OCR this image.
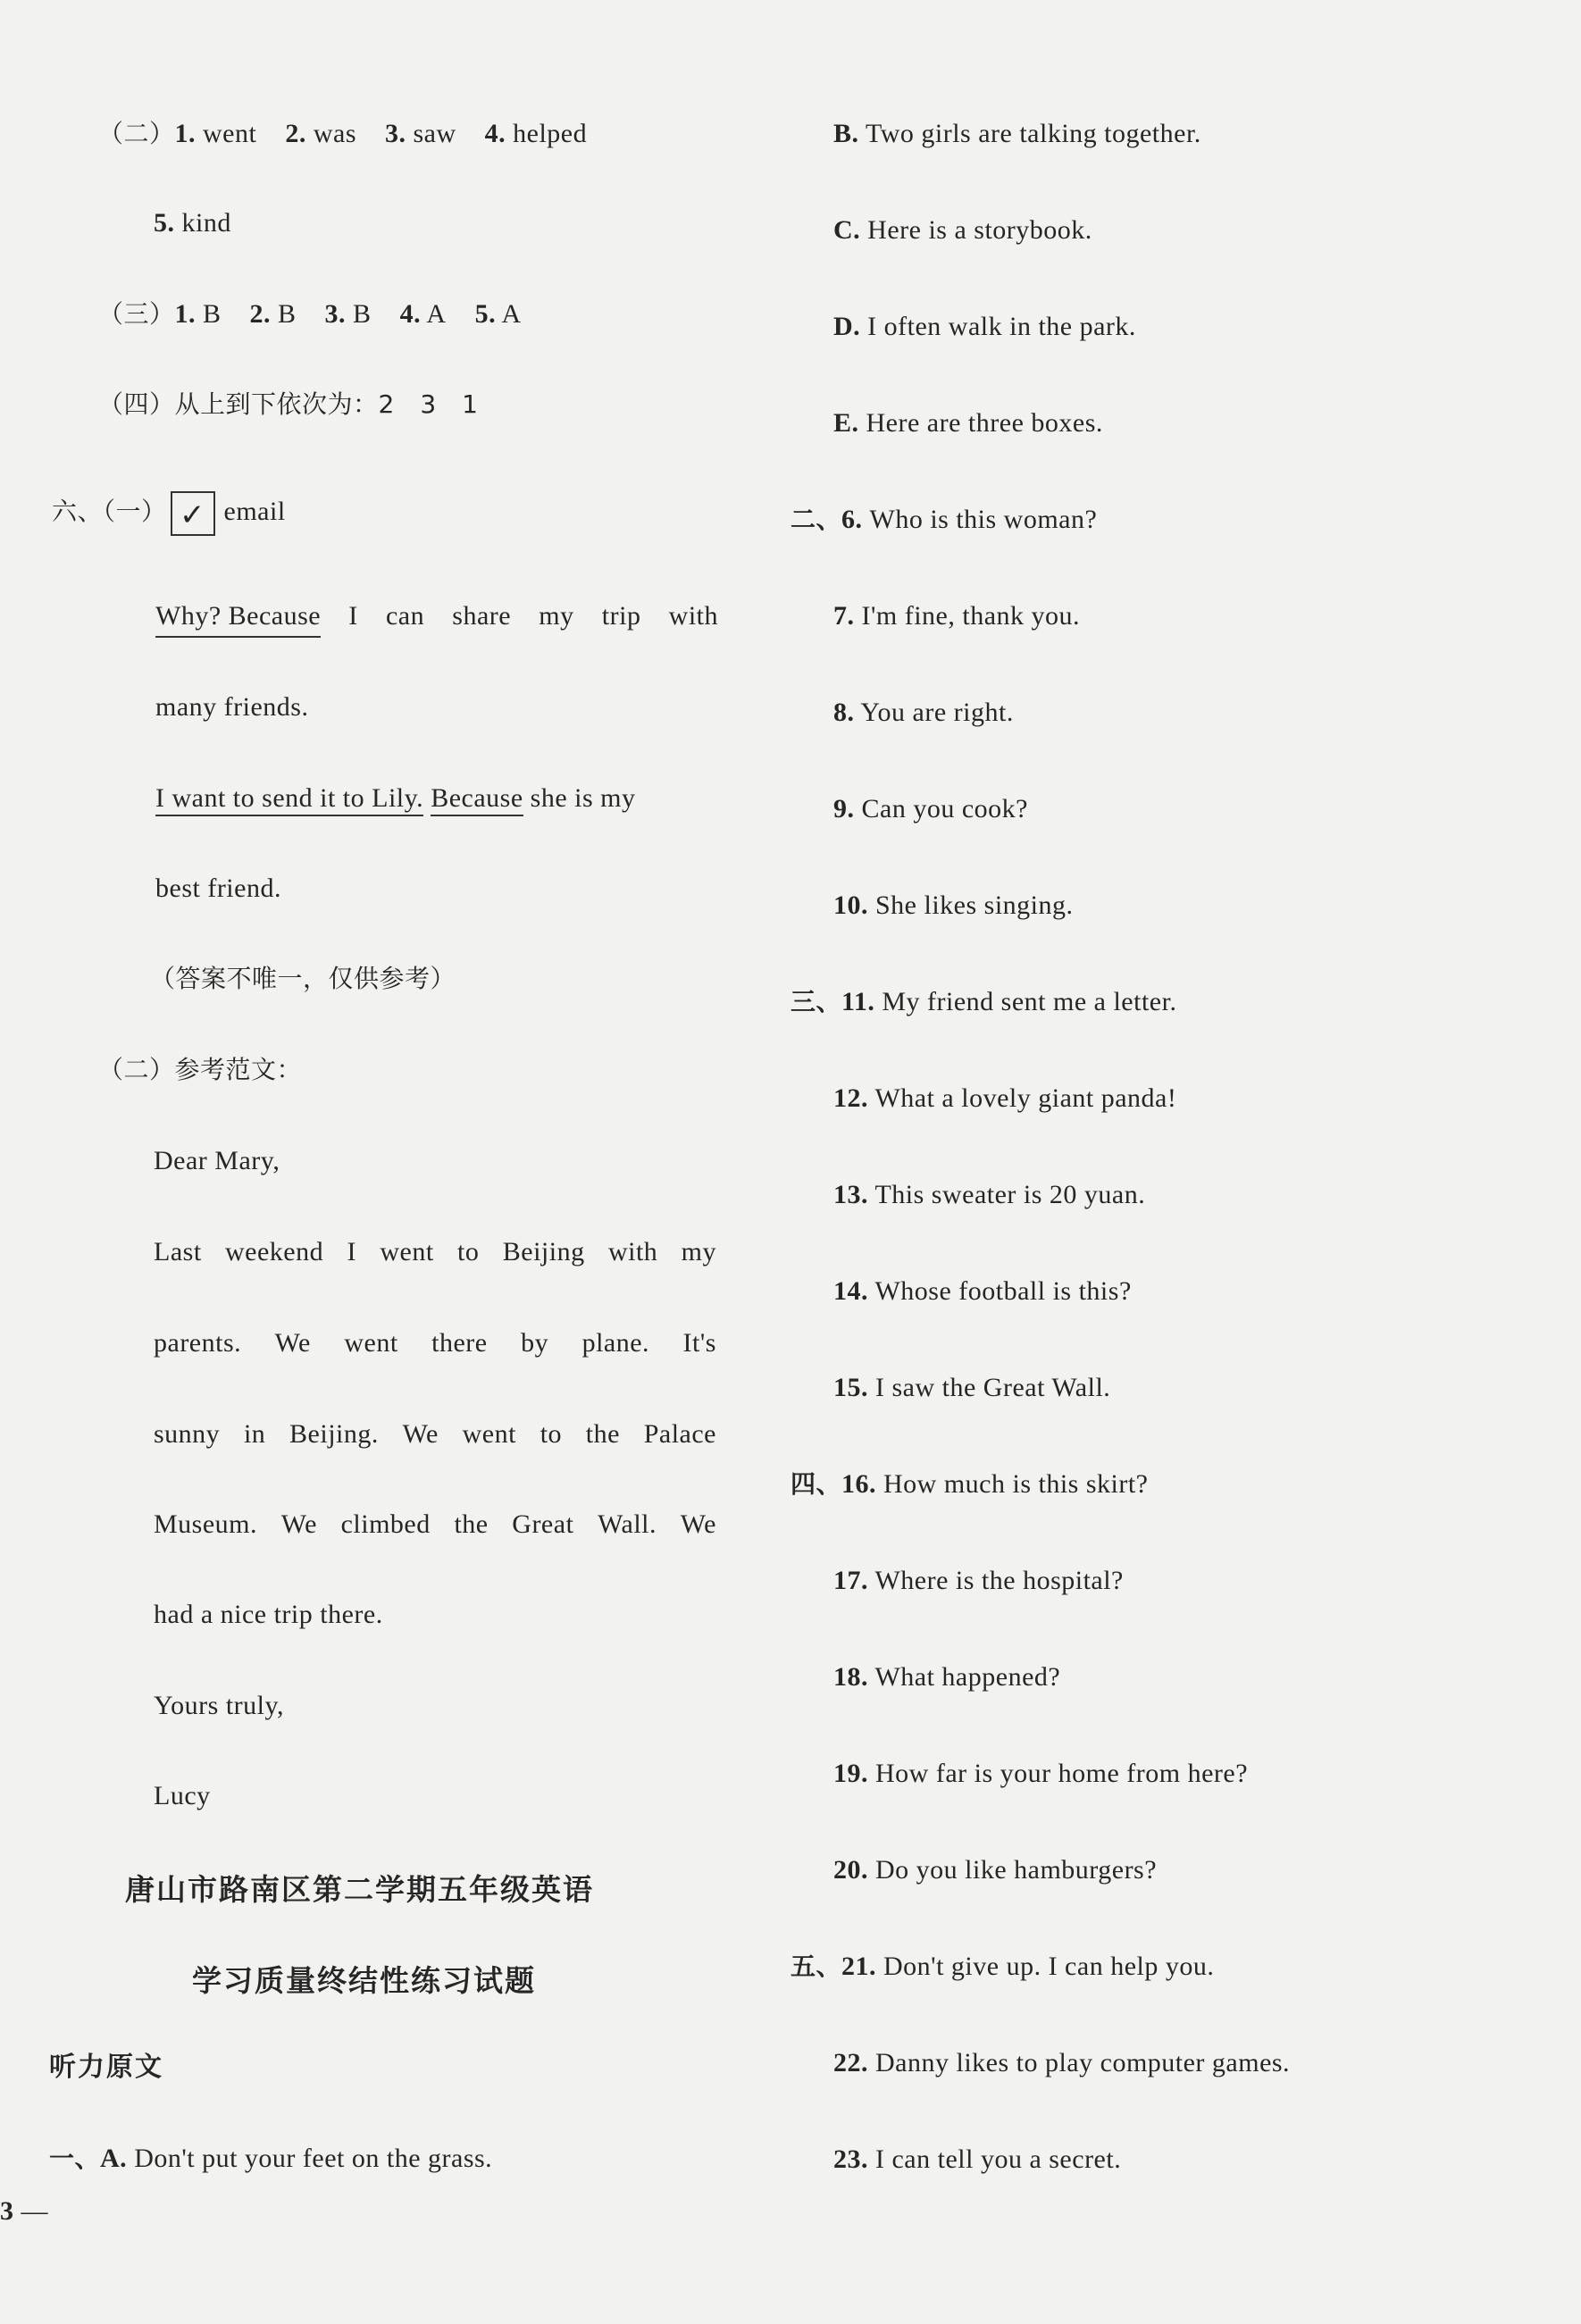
（二）1. went 2. was 3. saw 4. helped
5. kind
（三）1. B 2. B 3. B 4. A 5. A
（四）从上到下依次为：2　3　1
六、（一） ✓ email
Why? Because I can share my trip with
many friends.
I want to send it to Lily. Because she is my
best friend.
（答案不唯一，仅供参考）
（二）参考范文：
Dear Mary,
Last weekend I went to Beijing with my
parents. We went there by plane. It's
sunny in Beijing. We went to the Palace
Museum. We climbed the Great Wall. We
had a nice trip there.
Yours truly,
Lucy
唐山市路南区第二学期五年级英语
学习质量终结性练习试题
听力原文
一、A. Don't put your feet on the grass.
3 —
B. Two girls are talking together.
C. Here is a storybook.
D. I often walk in the park.
E. Here are three boxes.
二、6. Who is this woman?
7. I'm fine, thank you.
8. You are right.
9. Can you cook?
10. She likes singing.
三、11. My friend sent me a letter.
12. What a lovely giant panda!
13. This sweater is 20 yuan.
14. Whose football is this?
15. I saw the Great Wall.
四、16. How much is this skirt?
17. Where is the hospital?
18. What happened?
19. How far is your home from here?
20. Do you like hamburgers?
五、21. Don't give up. I can help you.
22. Danny likes to play computer games.
23. I can tell you a secret.
